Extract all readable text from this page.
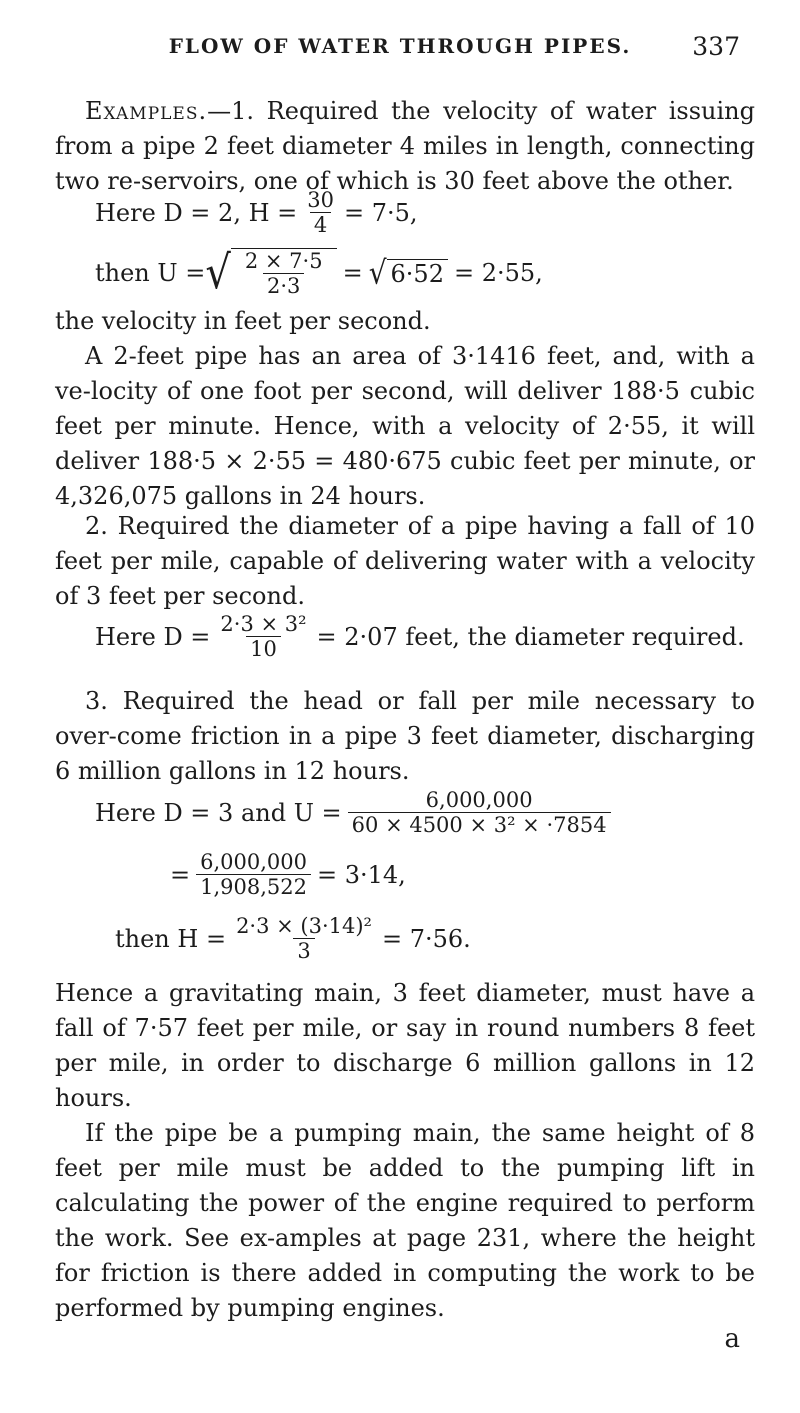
FLOW OF WATER THROUGH PIPES.	337

Examples.—1. Required the velocity of water issuing from a pipe 2 feet diameter 4 miles in length, connecting two re-servoirs, one of which is 30 feet above the other.

Here D = 2, $H = \frac{30}{4} = 7\cdot 5$,
then U = √ $\frac{2 \times 7\cdot 5}{2\cdot 3}$ = √ 6·52 = 2·55,

the velocity in feet per second.

A 2-feet pipe has an area of 3·1416 feet, and, with a ve-locity of one foot per second, will deliver 188·5 cubic feet per minute. Hence, with a velocity of 2·55, it will deliver 188·5 × 2·55 = 480·675 cubic feet per minute, or 4,326,075 gallons in 24 hours.

2. Required the diameter of a pipe having a fall of 10 feet per mile, capable of delivering water with a velocity of 3 feet per second.

Here $D = \frac{\text{2·3 × 3²}}{10} = 2\cdot 07$ feet, the diameter required.

3. Required the head or fall per mile necessary to over-come friction in a pipe 3 feet diameter, discharging 6 million gallons in 12 hours.

Here D = 3 and $U = \frac{6,000,000}{\text{60 × 4500 × 3² × ·7854}}$
= $\frac{6,000,000}{1,908,522} = 3\cdot 14$,
then $H = \frac{\text{2·3 × (3·14)²}}{3} = 7\cdot 56$.

Hence a gravitating main, 3 feet diameter, must have a fall of 7·57 feet per mile, or say in round numbers 8 feet per mile, in order to discharge 6 million gallons in 12 hours.

If the pipe be a pumping main, the same height of 8 feet per mile must be added to the pumping lift in calculating the power of the engine required to perform the work. See ex-amples at page 231, where the height for friction is there added in computing the work to be performed by pumping engines.

a
